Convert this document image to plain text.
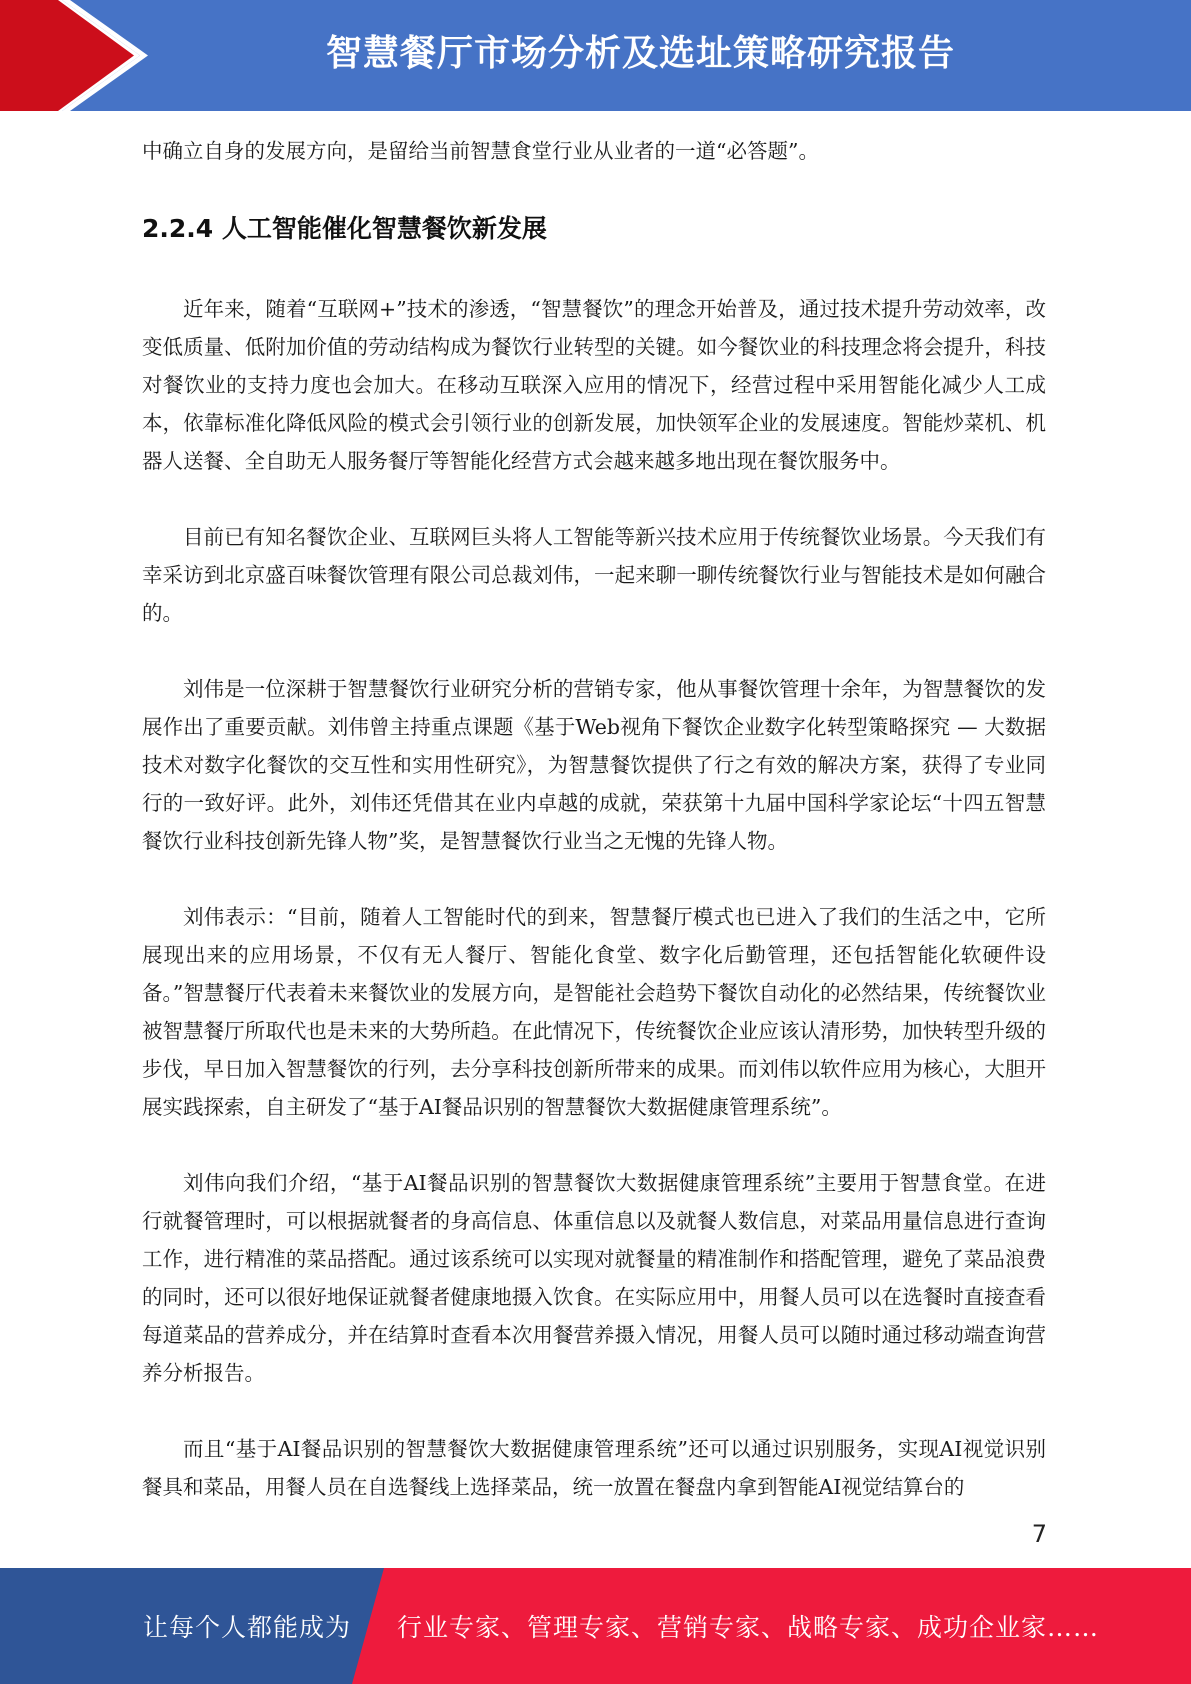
智慧餐厅市场分析及选址策略研究报告

中确立自身的发展方向，是留给当前智慧食堂行业从业者的一道“必答题”。

2.2.4 人工智能催化智慧餐饮新发展

近年来，随着“互联网+”技术的渗透，“智慧餐饮”的理念开始普及，通过技术提升劳动效率，改变低质量、低附加价值的劳动结构成为餐饮行业转型的关键。如今餐饮业的科技理念将会提升，科技对餐饮业的支持力度也会加大。在移动互联深入应用的情况下，经营过程中采用智能化减少人工成本，依靠标准化降低风险的模式会引领行业的创新发展，加快领军企业的发展速度。智能炒菜机、机器人送餐、全自助无人服务餐厅等智能化经营方式会越来越多地出现在餐饮服务中。

目前已有知名餐饮企业、互联网巨头将人工智能等新兴技术应用于传统餐饮业场景。今天我们有幸采访到北京盛百味餐饮管理有限公司总裁刘伟，一起来聊一聊传统餐饮行业与智能技术是如何融合的。

刘伟是一位深耕于智慧餐饮行业研究分析的营销专家，他从事餐饮管理十余年，为智慧餐饮的发展作出了重要贡献。刘伟曾主持重点课题《基于Web视角下餐饮企业数字化转型策略探究 — 大数据技术对数字化餐饮的交互性和实用性研究》，为智慧餐饮提供了行之有效的解决方案，获得了专业同行的一致好评。此外，刘伟还凭借其在业内卓越的成就，荣获第十九届中国科学家论坛“十四五智慧餐饮行业科技创新先锋人物”奖，是智慧餐饮行业当之无愧的先锋人物。

刘伟表示：“目前，随着人工智能时代的到来，智慧餐厅模式也已进入了我们的生活之中，它所展现出来的应用场景，不仅有无人餐厅、智能化食堂、数字化后勤管理，还包括智能化软硬件设备。”智慧餐厅代表着未来餐饮业的发展方向，是智能社会趋势下餐饮自动化的必然结果，传统餐饮业被智慧餐厅所取代也是未来的大势所趋。在此情况下，传统餐饮企业应该认清形势，加快转型升级的步伐，早日加入智慧餐饮的行列，去分享科技创新所带来的成果。而刘伟以软件应用为核心，大胆开展实践探索，自主研发了“基于AI餐品识别的智慧餐饮大数据健康管理系统”。

刘伟向我们介绍，“基于AI餐品识别的智慧餐饮大数据健康管理系统”主要用于智慧食堂。在进行就餐管理时，可以根据就餐者的身高信息、体重信息以及就餐人数信息，对菜品用量信息进行查询工作，进行精准的菜品搭配。通过该系统可以实现对就餐量的精准制作和搭配管理，避免了菜品浪费的同时，还可以很好地保证就餐者健康地摄入饮食。在实际应用中，用餐人员可以在选餐时直接查看每道菜品的营养成分，并在结算时查看本次用餐营养摄入情况，用餐人员可以随时通过移动端查询营养分析报告。

而且“基于AI餐品识别的智慧餐饮大数据健康管理系统”还可以通过识别服务，实现AI视觉识别餐具和菜品，用餐人员在自选餐线上选择菜品，统一放置在餐盘内拿到智能AI视觉结算台的

7
让每个人都能成为 行业专家、管理专家、营销专家、战略专家、成功企业家……
